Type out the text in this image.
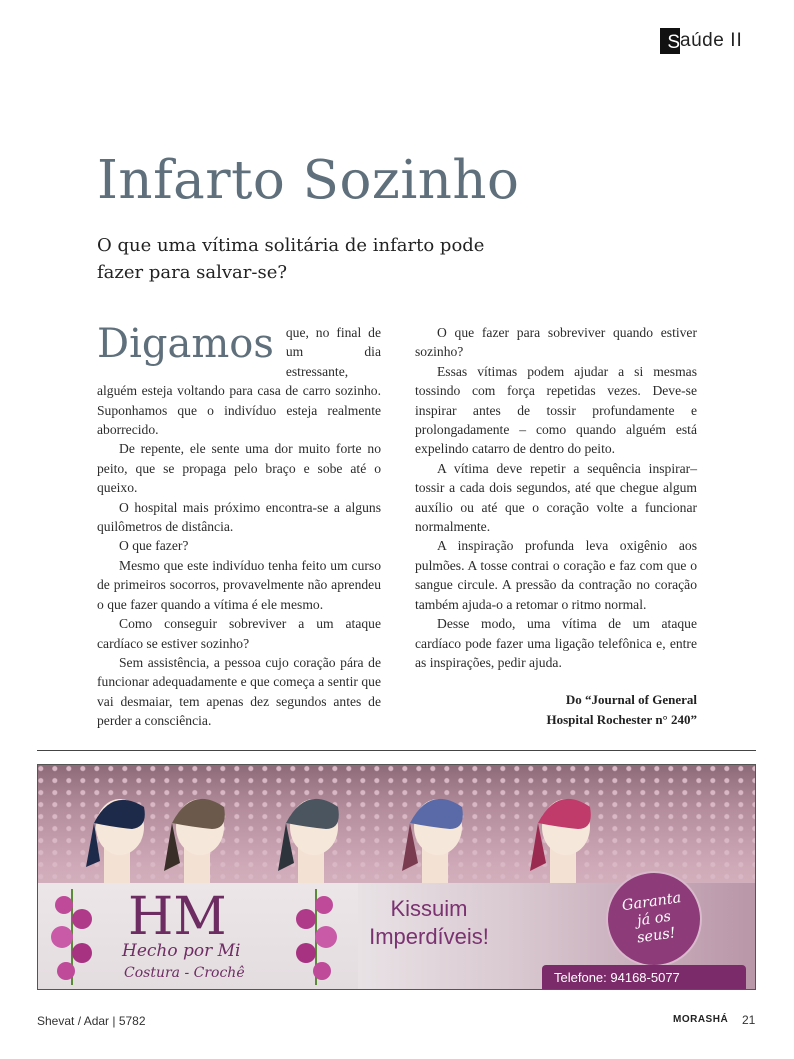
S aúde II
Infarto Sozinho

O que uma vítima solitária de infarto pode fazer para salvar-se?

Digamos que, no final de um dia estressante, alguém esteja voltando para casa de carro sozinho. Suponhamos que o indivíduo esteja realmente aborrecido.

De repente, ele sente uma dor muito forte no peito, que se propaga pelo braço e sobe até o queixo.

O hospital mais próximo encontra-se a alguns quilômetros de distância.

O que fazer?

Mesmo que este indivíduo tenha feito um curso de primeiros socorros, provavelmente não aprendeu o que fazer quando a vítima é ele mesmo.

Como conseguir sobreviver a um ataque cardíaco se estiver sozinho?

Sem assistência, a pessoa cujo coração pára de funcionar adequadamente e que começa a sentir que vai desmaiar, tem apenas dez segundos antes de perder a consciência.

O que fazer para sobreviver quando estiver sozinho?

Essas vítimas podem ajudar a si mesmas tossindo com força repetidas vezes. Deve-se inspirar antes de tossir profundamente e prolongadamente – como quando alguém está expelindo catarro de dentro do peito.

A vítima deve repetir a sequência inspirar–tossir a cada dois segundos, até que chegue algum auxílio ou até que o coração volte a funcionar normalmente.

A inspiração profunda leva oxigênio aos pulmões. A tosse contrai o coração e faz com que o sangue circule. A pressão da contração no coração também ajuda-o a retomar o ritmo normal.

Desse modo, uma vítima de um ataque cardíaco pode fazer uma ligação telefônica e, entre as inspirações, pedir ajuda.

Do “Journal of General
Hospital Rochester n° 240”
HM
Hecho por Mi
Costura - Crochê
Kissuim
Imperdíveis!
Garanta
já os
seus!
Telefone: 94168-5077
Shevat / Adar | 5782	MORASHÁ 21
